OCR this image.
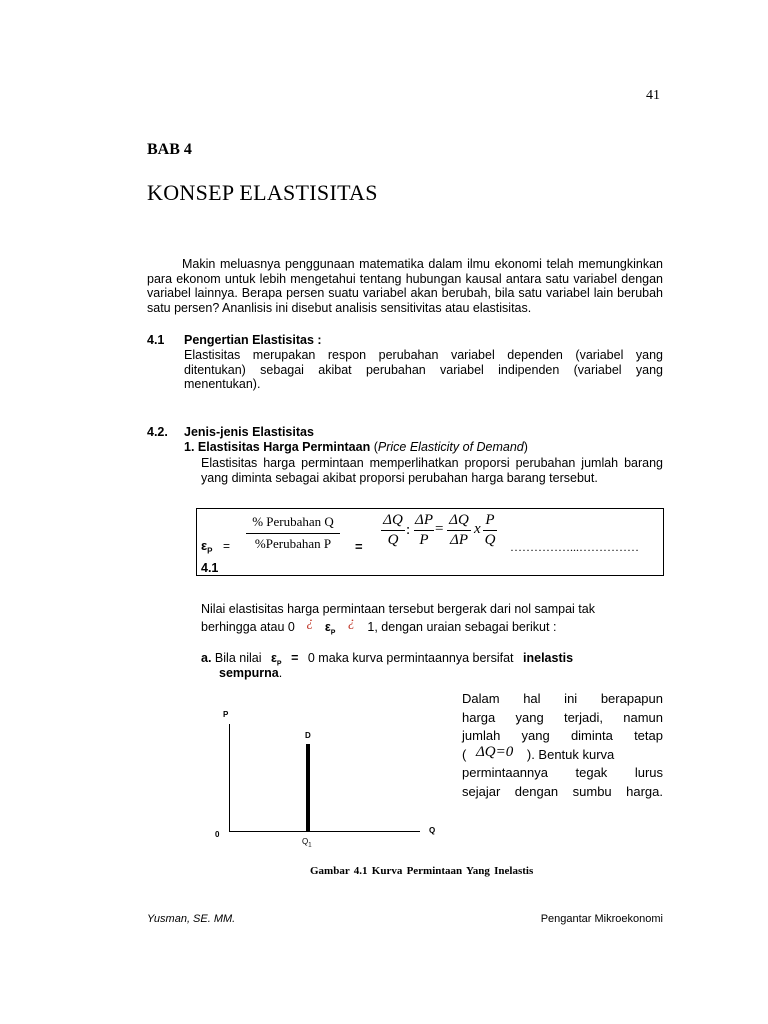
41
BAB 4
KONSEP ELASTISITAS
Makin meluasnya penggunaan matematika dalam ilmu ekonomi telah memungkinkan para ekonom untuk lebih mengetahui tentang hubungan kausal antara satu variabel dengan variabel lainnya. Berapa persen suatu variabel akan berubah, bila satu variabel lain berubah satu persen? Ananlisis ini disebut analisis sensitivitas atau elastisitas.
4.1 Pengertian Elastisitas :
Elastisitas merupakan respon perubahan variabel dependen (variabel yang ditentukan) sebagai akibat perubahan variabel indipenden (variabel yang menentukan).
4.2. Jenis-jenis Elastisitas
1. Elastisitas Harga Permintaan (Price Elasticity of Demand)
Elastisitas harga permintaan memperlihatkan proporsi perubahan jumlah barang yang diminta sebagai akibat proporsi perubahan harga barang tersebut.
% Perubahan Q
%Perubahan P
$\varepsilon_P$ =	= $\frac{\Delta Q}{Q}$ : $\frac{\Delta P}{P} = \frac{\Delta Q}{\Delta P}$ x $\frac{P}{Q}$ ……………...……………
4.1
Nilai elastisitas harga permintaan tersebut bergerak dari nol sampai tak
berhingga atau 0 ¿ $\varepsilon_P$ ¿ 1, dengan uraian sebagai berikut :
a. Bila nilai $\varepsilon_P = 0$ maka kurva permintaannya bersifat inelastis
sempurna.
Dalam hal ini berapapun
harga yang terjadi, namun
jumlah yang diminta tetap
( ΔQ=0 ). Bentuk kurva
permintaannya tegak lurus
sejajar dengan sumbu harga.
P
Q
0
D
$Q_1$
Gambar 4.1 Kurva Permintaan Yang Inelastis
Yusman, SE. MM.	Pengantar Mikroekonomi
